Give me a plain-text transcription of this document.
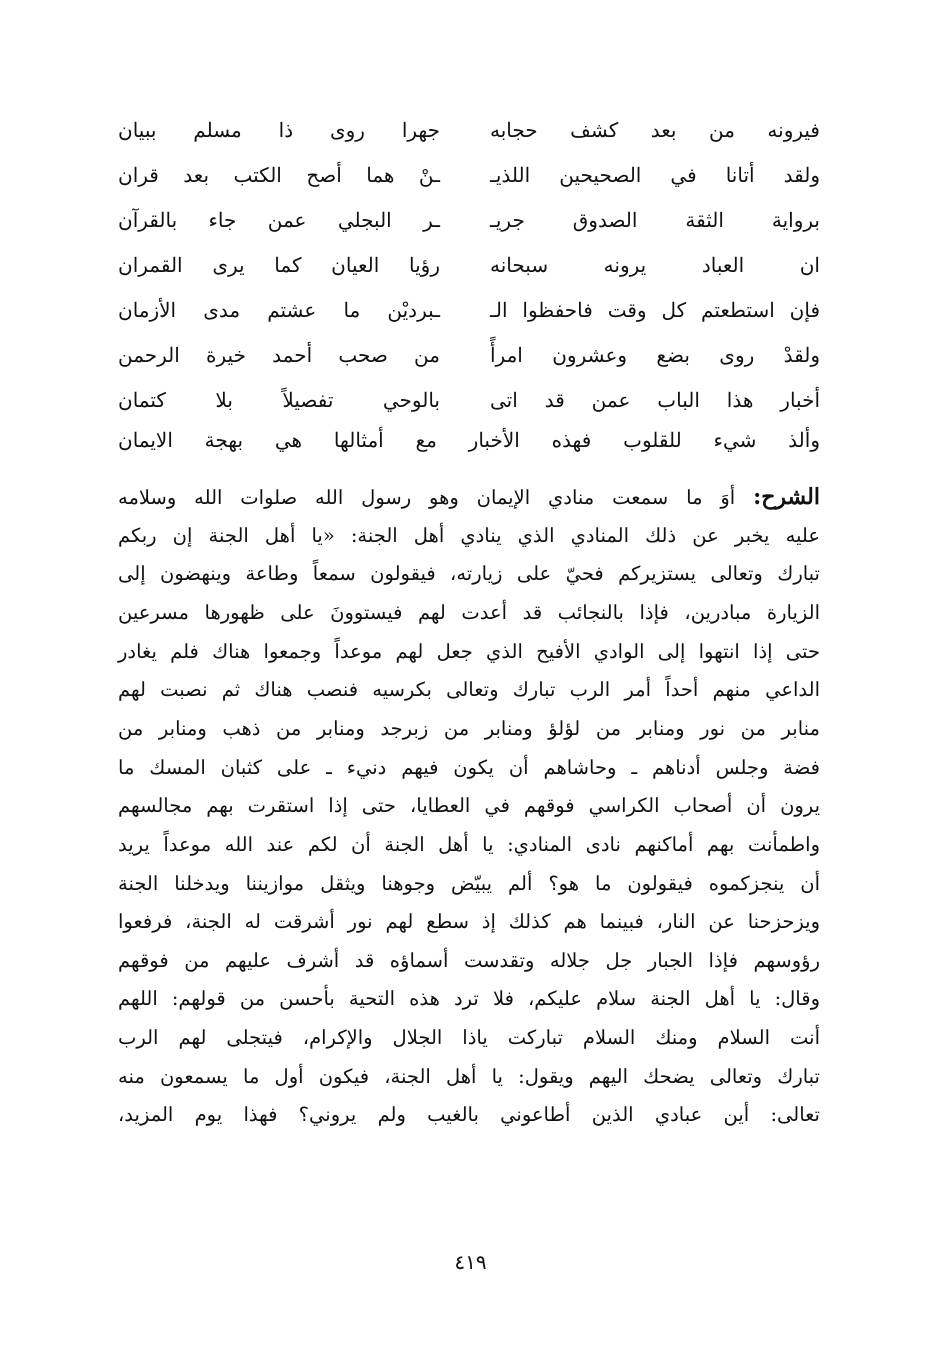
فيرونه من بعد كشف حجابه
جهرا روى ذا مسلم ببيان
ولقد أتانا في الصحيحين اللذيـ
ـنْ هما أصح الكتب بعد قران
برواية الثقة الصدوق جريـ
ـر البجلي عمن جاء بالقرآن
ان العباد يرونه سبحانه
رؤيا العيان كما يرى القمران
فإن استطعتم كل وقت فاحفظوا الـ
ـبرديْن ما عشتم مدى الأزمان
ولقدْ روى بضع وعشرون امرأً
من صحب أحمد خيرة الرحمن
أخبار هذا الباب عمن قد اتى
بالوحي تفصيلاً بلا كتمان
وألذ شيء للقلوب فهذه الأخبار مع أمثالها هي بهجة الايمان
الشرح: أوَ ما سمعت منادي الإيمان وهو رسول الله صلوات الله وسلامه
عليه يخبر عن ذلك المنادي الذي ينادي أهل الجنة: «يا أهل الجنة إن ربكم
تبارك وتعالى يستزيركم فحيّ على زيارته، فيقولون سمعاً وطاعة وينهضون إلى
الزيارة مبادرين، فإذا بالنجائب قد أعدت لهم فيستوونَ على ظهورها مسرعين
حتى إذا انتهوا إلى الوادي الأفيح الذي جعل لهم موعداً وجمعوا هناك فلم يغادر
الداعي منهم أحداً أمر الرب تبارك وتعالى بكرسيه فنصب هناك ثم نصبت لهم
منابر من نور ومنابر من لؤلؤ ومنابر من زبرجد ومنابر من ذهب ومنابر من
فضة وجلس أدناهم ـ وحاشاهم أن يكون فيهم دنيء ـ على كثبان المسك ما
يرون أن أصحاب الكراسي فوقهم في العطايا، حتى إذا استقرت بهم مجالسهم
واطمأنت بهم أماكنهم نادى المنادي: يا أهل الجنة أن لكم عند الله موعداً يريد
أن ينجزكموه فيقولون ما هو؟ ألم يبيّض وجوهنا ويثقل موازيننا ويدخلنا الجنة
ويزحزحنا عن النار، فبينما هم كذلك إذ سطع لهم نور أشرقت له الجنة، فرفعوا
رؤوسهم فإذا الجبار جل جلاله وتقدست أسماؤه قد أشرف عليهم من فوقهم
وقال: يا أهل الجنة سلام عليكم، فلا ترد هذه التحية بأحسن من قولهم: اللهم
أنت السلام ومنك السلام تباركت ياذا الجلال والإكرام، فيتجلى لهم الرب
تبارك وتعالى يضحك اليهم ويقول: يا أهل الجنة، فيكون أول ما يسمعون منه
تعالى: أين عبادي الذين أطاعوني بالغيب ولم يروني؟ فهذا يوم المزيد،
٤١٩
